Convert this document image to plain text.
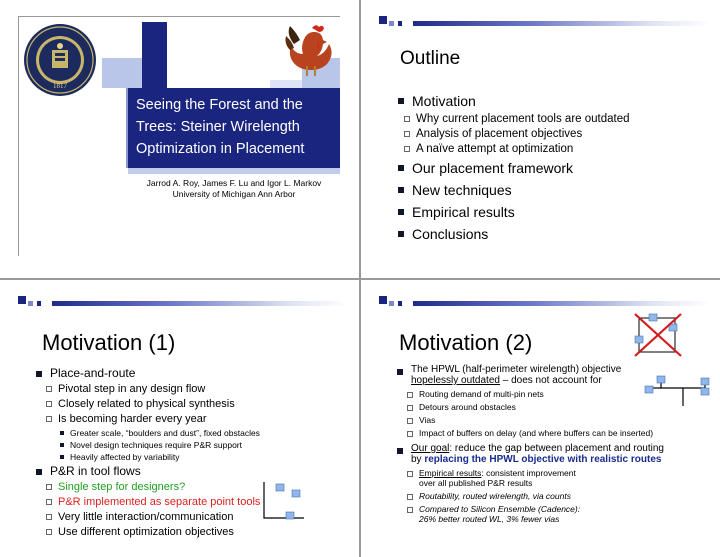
1817
Seeing the Forest and the
Trees: Steiner Wirelength
Optimization in Placement
Jarrod A. Roy, James F. Lu and Igor L. Markov
University of Michigan Ann Arbor
Outline
Motivation
Why current placement tools are outdated
Analysis of placement objectives
A naïve attempt at optimization
Our placement framework
New techniques
Empirical results
Conclusions
Motivation (1)
Place-and-route
Pivotal step in any design flow
Closely related to physical synthesis
Is becoming harder every year
Greater scale, “boulders and dust”, fixed obstacles
Novel design techniques require P&R support
Heavily affected by variability
P&R in tool flows
Single step for designers?
P&R implemented as separate point tools
Very little interaction/communication
Use different optimization objectives
Motivation (2)
The HPWL (half-perimeter wirelength) objective
hopelessly outdated – does not account for
Routing demand of multi-pin nets
Detours around obstacles
Vias
Impact of buffers on delay (and where buffers can be inserted)
Our goal: reduce the gap between placement and routing
by replacing the HPWL objective with realistic routes
Empirical results: consistent improvement
over all published P&R results
Routability, routed wirelength, via counts
Compared to Silicon Ensemble (Cadence):
26% better routed WL, 3% fewer vias
